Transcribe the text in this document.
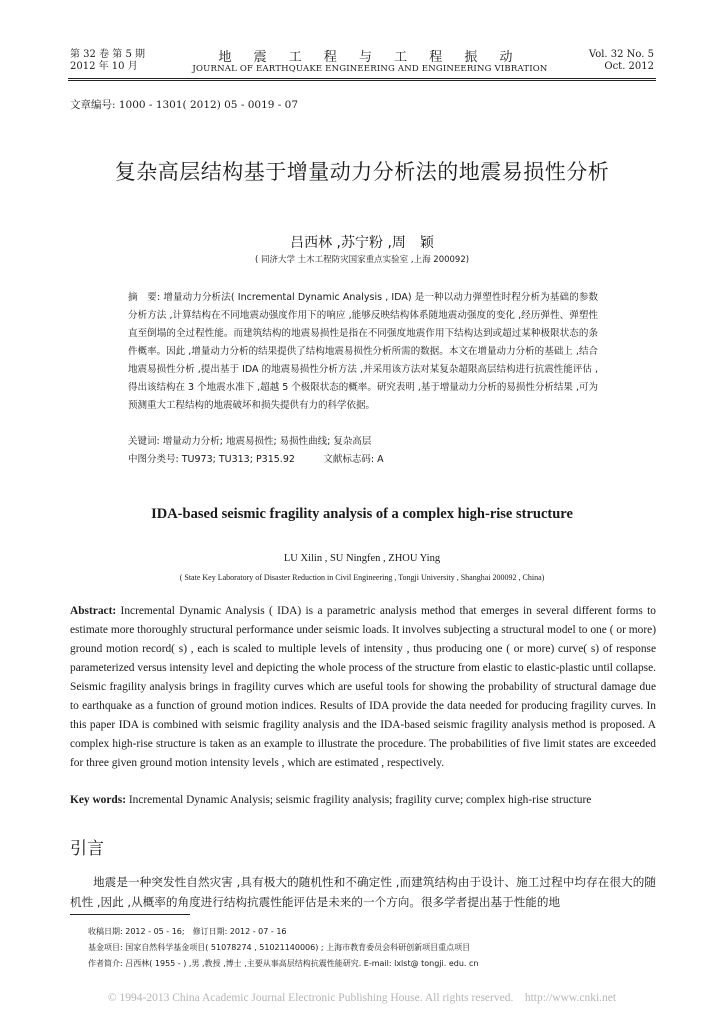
第 32 卷 第 5 期
2012 年 10 月
地 震 工 程 与 工 程 振 动
JOURNAL OF EARTHQUAKE ENGINEERING AND ENGINEERING VIBRATION
Vol. 32 No. 5
Oct. 2012
文章编号: 1000 - 1301( 2012) 05 - 0019 - 07
复杂高层结构基于增量动力分析法的地震易损性分析
吕西林 ,苏宁粉 ,周　颖
( 同济大学 土木工程防灾国家重点实验室 ,上海 200092)
摘　要: 增量动力分析法( Incremental Dynamic Analysis , IDA) 是一种以动力弹塑性时程分析为基础的参数分析方法 ,计算结构在不同地震动强度作用下的响应 ,能够反映结构体系随地震动强度的变化 ,经历弹性、弹塑性直至倒塌的全过程性能。而建筑结构的地震易损性是指在不同强度地震作用下结构达到或超过某种极限状态的条件概率。因此 ,增量动力分析的结果提供了结构地震易损性分析所需的数据。本文在增量动力分析的基础上 ,结合地震易损性分析 ,提出基于 IDA 的地震易损性分析方法 ,并采用该方法对某复杂超限高层结构进行抗震性能评估 ,得出该结构在 3 个地震水准下 ,超越 5 个极限状态的概率。研究表明 ,基于增量动力分析的易损性分析结果 ,可为预测重大工程结构的地震破坏和损失提供有力的科学依据。
关键词: 增量动力分析; 地震易损性; 易损性曲线; 复杂高层
中图分类号: TU973; TU313; P315.92　　　文献标志码: A
IDA-based seismic fragility analysis of a complex high-rise structure
LU Xilin , SU Ningfen , ZHOU Ying
( State Key Laboratory of Disaster Reduction in Civil Engineering , Tongji University , Shanghai 200092 , China)
Abstract: Incremental Dynamic Analysis ( IDA) is a parametric analysis method that emerges in several different forms to estimate more thoroughly structural performance under seismic loads. It involves subjecting a structural model to one ( or more) ground motion record( s) , each is scaled to multiple levels of intensity , thus producing one ( or more) curve( s) of response parameterized versus intensity level and depicting the whole process of the structure from elastic to elastic-plastic until collapse. Seismic fragility analysis brings in fragility curves which are useful tools for showing the probability of structural damage due to earthquake as a function of ground motion indices. Results of IDA provide the data needed for producing fragility curves. In this paper IDA is combined with seismic fragility analysis and the IDA-based seismic fragility analysis method is proposed. A complex high-rise structure is taken as an example to illustrate the procedure. The probabilities of five limit states are exceeded for three given ground motion intensity levels , which are estimated , respectively.
Key words: Incremental Dynamic Analysis; seismic fragility analysis; fragility curve; complex high-rise structure
引言
地震是一种突发性自然灾害 ,具有极大的随机性和不确定性 ,而建筑结构由于设计、施工过程中均存在很大的随机性 ,因此 ,从概率的角度进行结构抗震性能评估是未来的一个方向。很多学者提出基于性能的地
收稿日期: 2012 - 05 - 16;　修订日期: 2012 - 07 - 16
基金项目: 国家自然科学基金项目( 51078274 , 51021140006) ; 上海市教育委员会科研创新项目重点项目
作者简介: 吕西林( 1955 - ) ,男 ,教授 ,博士 ,主要从事高层结构抗震性能研究. E-mail: lxlst@ tongji. edu. cn
© 1994-2013 China Academic Journal Electronic Publishing House. All rights reserved.　http://www.cnki.net
